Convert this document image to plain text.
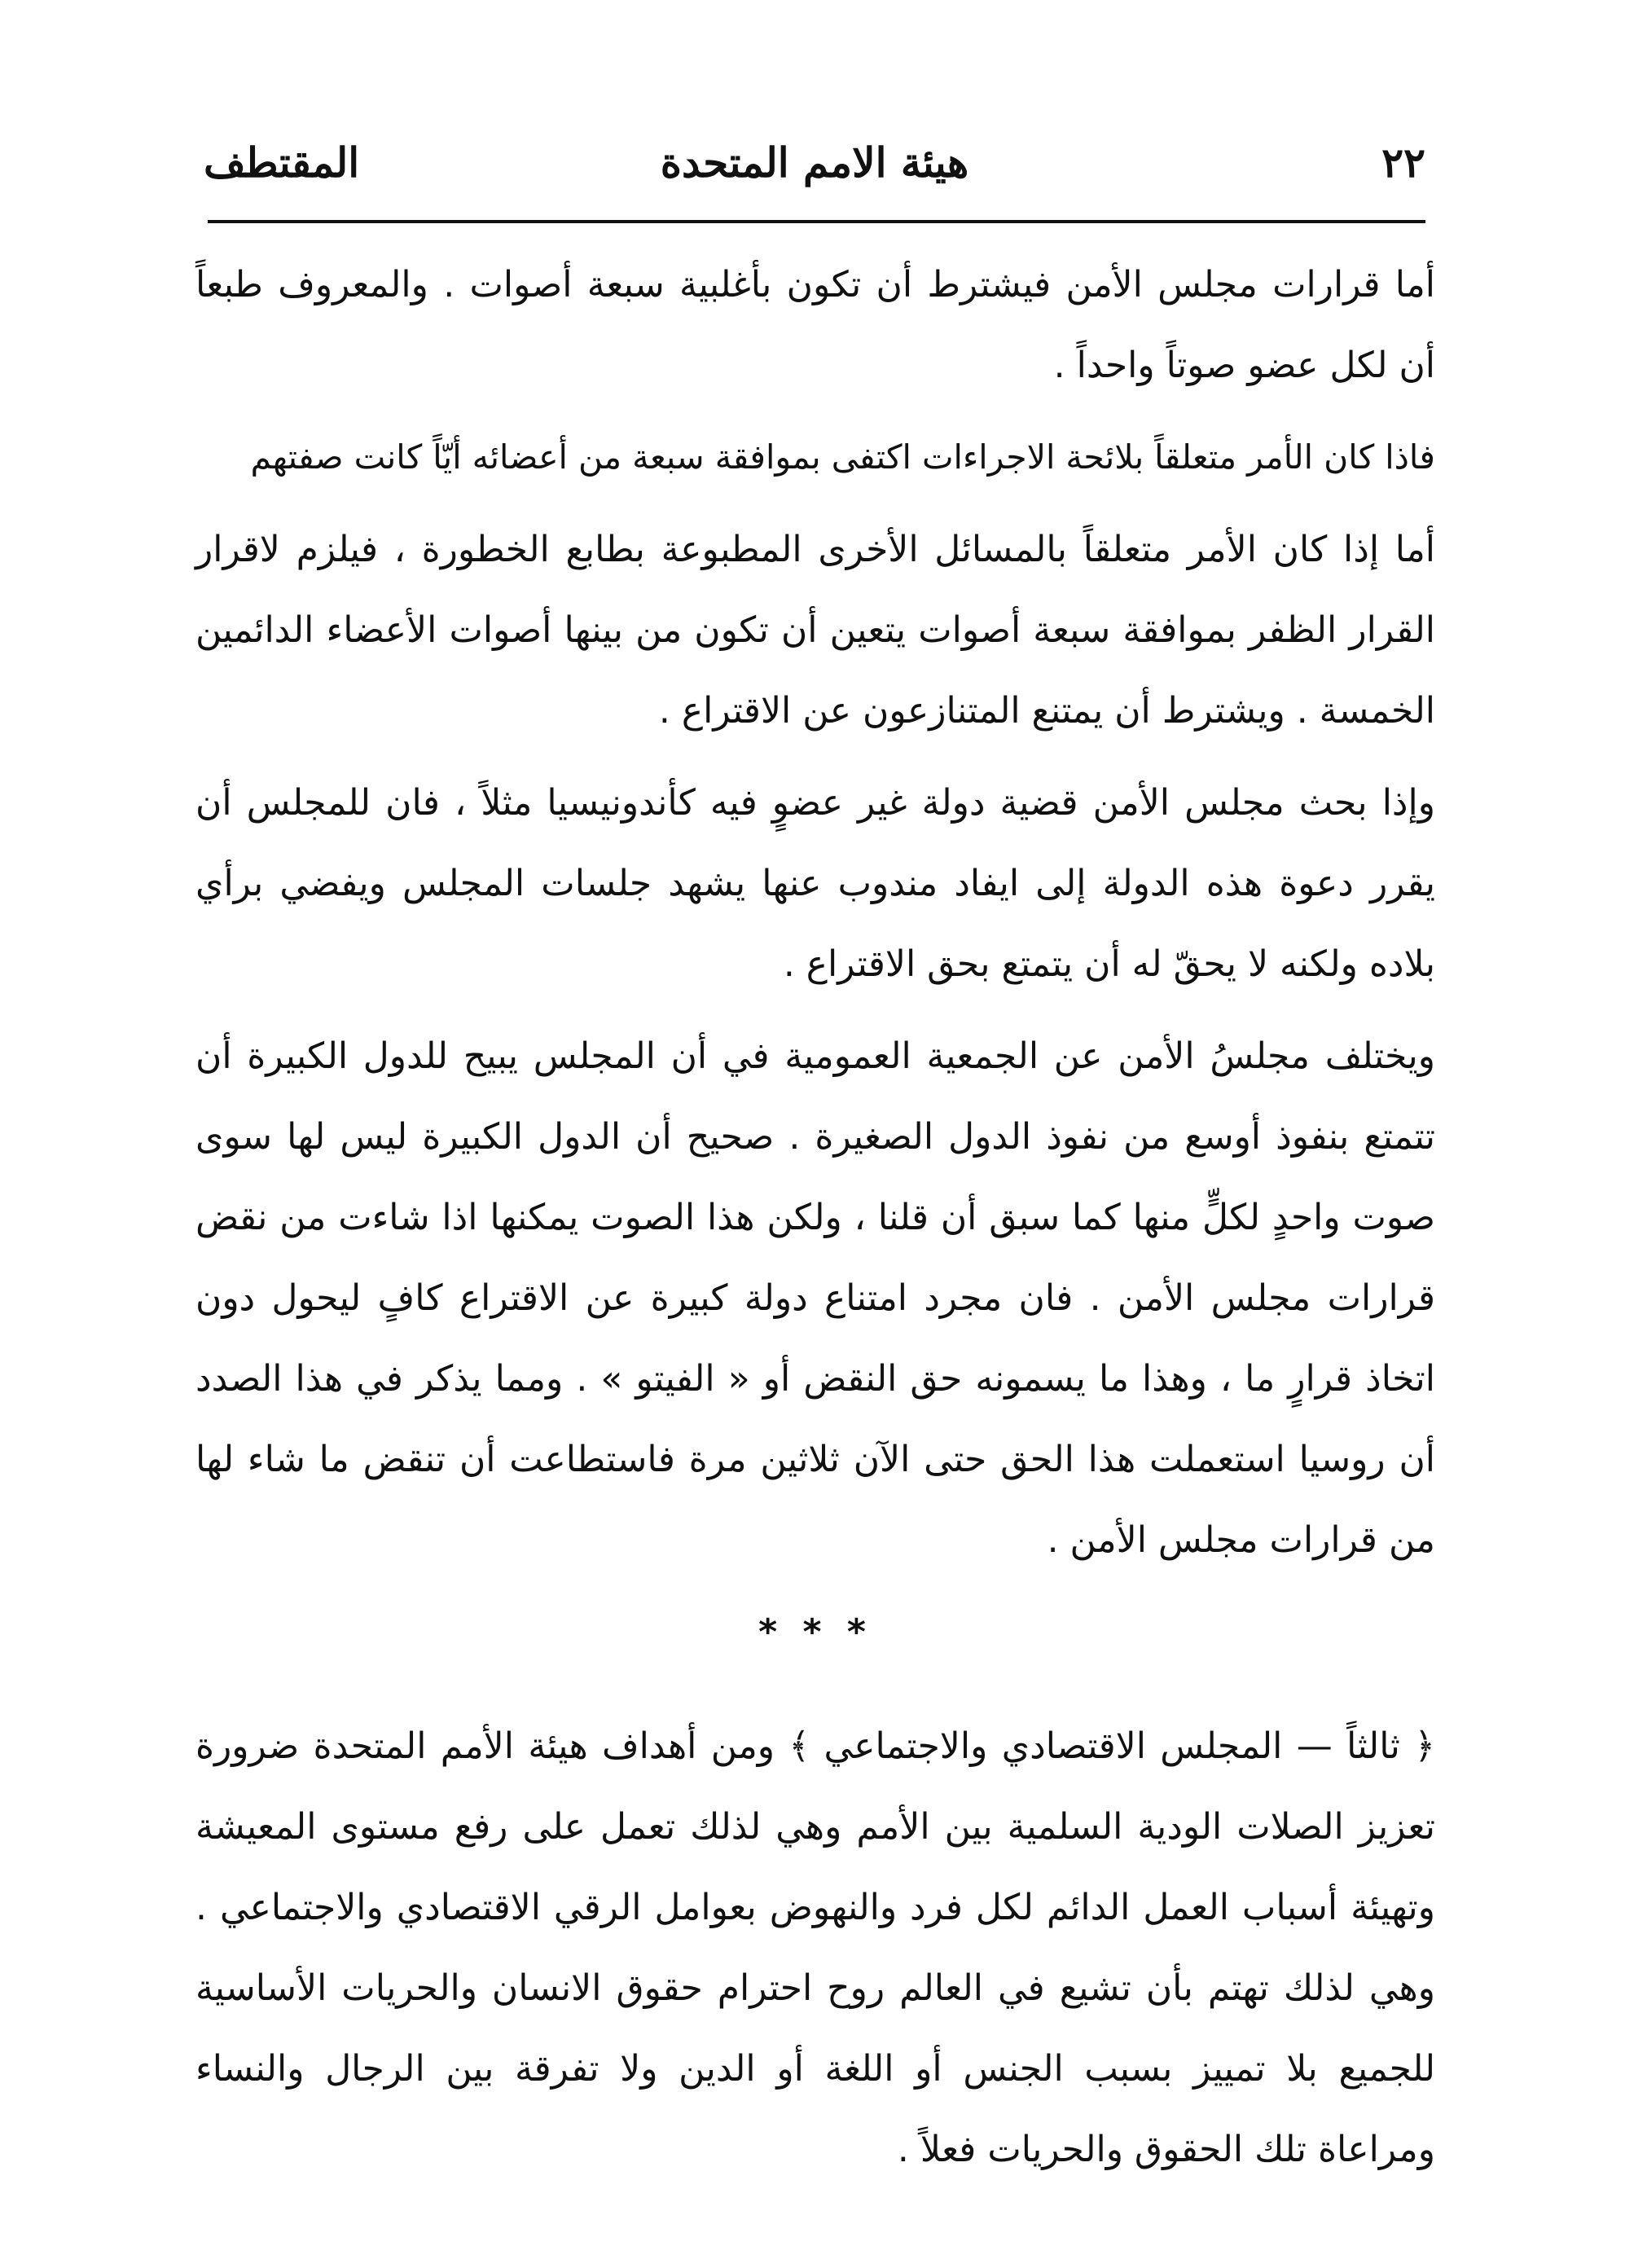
٢٢
هيئة الامم المتحدة
المقتطف

أما قرارات مجلس الأمن فيشترط أن تكون بأغلبية سبعة أصوات . والمعروف طبعاً أن لكل عضو صوتاً واحداً .

فاذا كان الأمر متعلقاً بلائحة الاجراءات اكتفى بموافقة سبعة من أعضائه أيّاً كانت صفتهم

أما إذا كان الأمر متعلقاً بالمسائل الأخرى المطبوعة بطابع الخطورة ، فيلزم لاقرار القرار الظفر بموافقة سبعة أصوات يتعين أن تكون من بينها أصوات الأعضاء الدائمين الخمسة . ويشترط أن يمتنع المتنازعون عن الاقتراع .

وإذا بحث مجلس الأمن قضية دولة غير عضوٍ فيه كأندونيسيا مثلاً ، فان للمجلس أن يقرر دعوة هذه الدولة إلى ايفاد مندوب عنها يشهد جلسات المجلس ويفضي برأي بلاده ولكنه لا يحقّ له أن يتمتع بحق الاقتراع .

ويختلف مجلسُ الأمن عن الجمعية العمومية في أن المجلس يبيح للدول الكبيرة أن تتمتع بنفوذ أوسع من نفوذ الدول الصغيرة . صحيح أن الدول الكبيرة ليس لها سوى صوت واحدٍ لكلٍّ منها كما سبق أن قلنا ، ولكن هذا الصوت يمكنها اذا شاءت من نقض قرارات مجلس الأمن . فان مجرد امتناع دولة كبيرة عن الاقتراع كافٍ ليحول دون اتخاذ قرارٍ ما ، وهذا ما يسمونه حق النقض أو « الفيتو » . ومما يذكر في هذا الصدد أن روسيا استعملت هذا الحق حتى الآن ثلاثين مرة فاستطاعت أن تنقض ما شاء لها من قرارات مجلس الأمن .

* * *

﴿ ثالثاً — المجلس الاقتصادي والاجتماعي ﴾ ومن أهداف هيئة الأمم المتحدة ضرورة تعزيز الصلات الودية السلمية بين الأمم وهي لذلك تعمل على رفع مستوى المعيشة وتهيئة أسباب العمل الدائم لكل فرد والنهوض بعوامل الرقي الاقتصادي والاجتماعي . وهي لذلك تهتم بأن تشيع في العالم روح احترام حقوق الانسان والحريات الأساسية للجميع بلا تمييز بسبب الجنس أو اللغة أو الدين ولا تفرقة بين الرجال والنساء ومراعاة تلك الحقوق والحريات فعلاً .
